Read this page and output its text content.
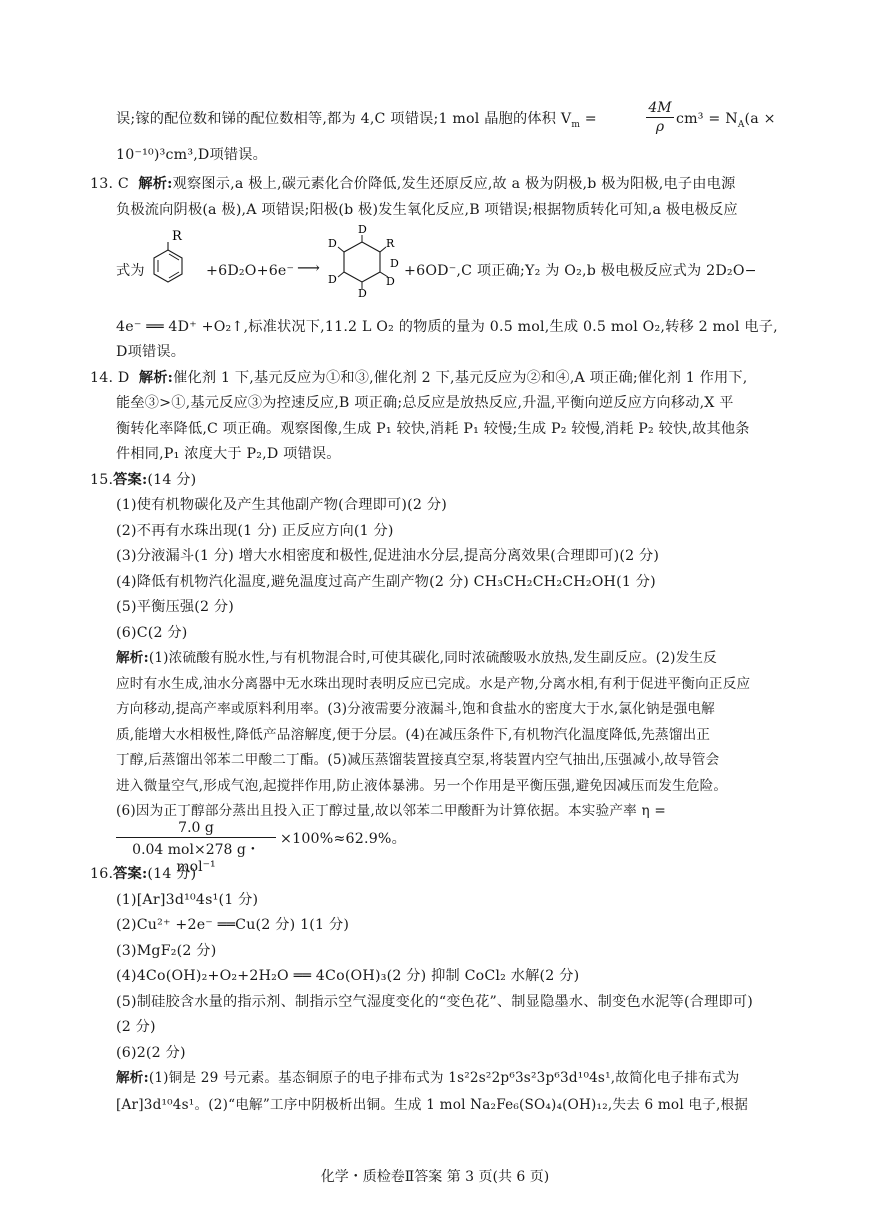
误;镓的配位数和锑的配位数相等,都为 4,C 项错误;1 mol 晶胞的体积 $V_m$ =	$\frac{4M}{\rho} cm^3 = N_A(a$ ×
10⁻¹⁰)³cm³,D项错误。
13. C 解析:观察图示,a 极上,碳元素化合价降低,发生还原反应,故 a 极为阴极,b 极为阳极,电子由电源
负极流向阴极(a 极),A 项错误;阳极(b 极)发生氧化反应,B 项错误;根据物质转化可知,a 极电极反应
式为
R
+6D₂O+6e⁻ ⟶
D
D
D
D
R
D
D +6OD⁻,C 项正确;Y₂ 为 O₂,b 极电极反应式为 2D₂O−
4e⁻ ══ 4D⁺ +O₂↑,标准状况下,11.2 L O₂ 的物质的量为 0.5 mol,生成 0.5 mol O₂,转移 2 mol 电子,
D项错误。
14. D 解析:催化剂 1 下,基元反应为①和③,催化剂 2 下,基元反应为②和④,A 项正确;催化剂 1 作用下,
能垒③>①,基元反应③为控速反应,B 项正确;总反应是放热反应,升温,平衡向逆反应方向移动,X 平
衡转化率降低,C 项正确。观察图像,生成 P₁ 较快,消耗 P₁ 较慢;生成 P₂ 较慢,消耗 P₂ 较快,故其他条
件相同,P₁ 浓度大于 P₂,D 项错误。
15.答案:(14 分)
(1)使有机物碳化及产生其他副产物(合理即可)(2 分)
(2)不再有水珠出现(1 分) 正反应方向(1 分)
(3)分液漏斗(1 分) 增大水相密度和极性,促进油水分层,提高分离效果(合理即可)(2 分)
(4)降低有机物汽化温度,避免温度过高产生副产物(2 分) CH₃CH₂CH₂CH₂OH(1 分)
(5)平衡压强(2 分)
(6)C(2 分)
解析:(1)浓硫酸有脱水性,与有机物混合时,可使其碳化,同时浓硫酸吸水放热,发生副反应。(2)发生反
应时有水生成,油水分离器中无水珠出现时表明反应已完成。水是产物,分离水相,有利于促进平衡向正反应
方向移动,提高产率或原料利用率。(3)分液需要分液漏斗,饱和食盐水的密度大于水,氯化钠是强电解
质,能增大水相极性,降低产品溶解度,便于分层。(4)在减压条件下,有机物汽化温度降低,先蒸馏出正
丁醇,后蒸馏出邻苯二甲酸二丁酯。(5)减压蒸馏装置接真空泵,将装置内空气抽出,压强减小,故导管会
进入微量空气,形成气泡,起搅拌作用,防止液体暴沸。另一个作用是平衡压强,避免因减压而发生危险。
(6)因为正丁醇部分蒸出且投入正丁醇过量,故以邻苯二甲酸酐为计算依据。本实验产率 η =
7.0 g
0.04 mol×278 g・mol⁻¹
×100%≈62.9%。
16.答案:(14 分)
(1)[Ar]3d¹⁰4s¹(1 分)
(2)Cu²⁺ +2e⁻ ══Cu(2 分) 1(1 分)
(3)MgF₂(2 分)
(4)4Co(OH)₂+O₂+2H₂O ══ 4Co(OH)₃(2 分) 抑制 CoCl₂ 水解(2 分)
(5)制硅胶含水量的指示剂、制指示空气湿度变化的“变色花”、制显隐墨水、制变色水泥等(合理即可)
(2 分)
(6)2(2 分)
解析:(1)铜是 29 号元素。基态铜原子的电子排布式为 1s²2s²2p⁶3s²3p⁶3d¹⁰4s¹,故简化电子排布式为
[Ar]3d¹⁰4s¹。(2)“电解”工序中阴极析出铜。生成 1 mol Na₂Fe₆(SO₄)₄(OH)₁₂,失去 6 mol 电子,根据
化学・质检卷Ⅱ答案 第 3 页(共 6 页)
